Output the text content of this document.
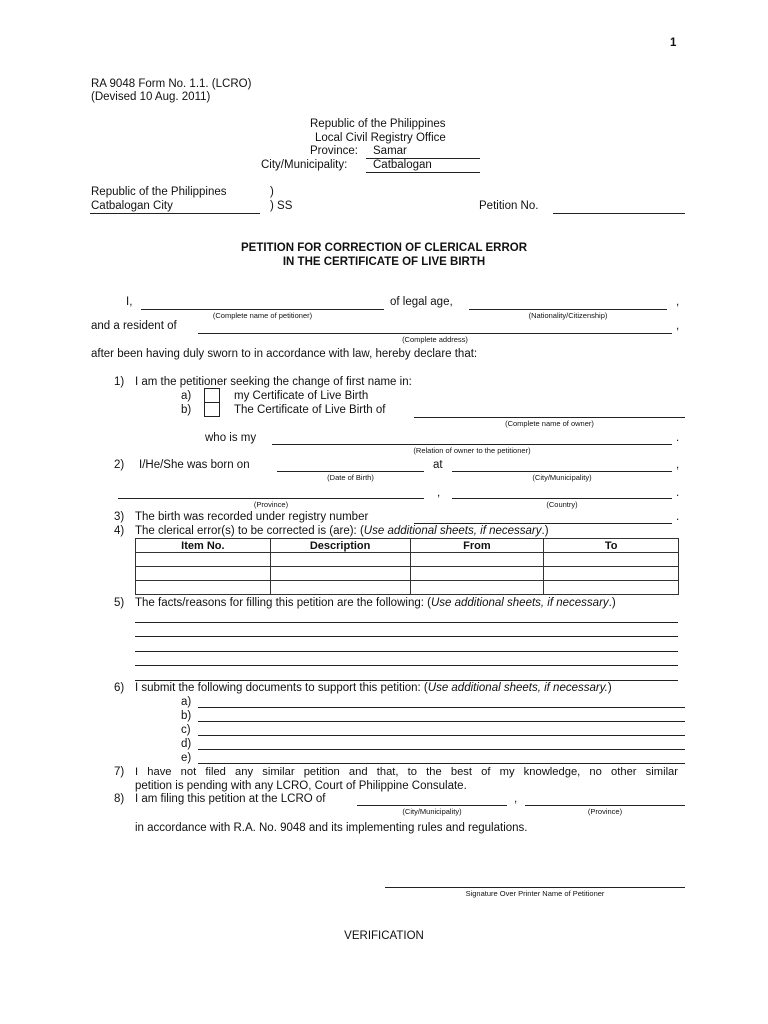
1
RA 9048 Form No. 1.1. (LCRO)
(Devised 10 Aug. 2011)
Republic of the Philippines
Local Civil Registry Office
Province: Samar
City/Municipality: Catbalogan
Republic of the Philippines	)
Catbalogan City	) SS	Petition No.
PETITION FOR CORRECTION OF CLERICAL ERROR
IN THE CERTIFICATE OF LIVE BIRTH
I,
(Complete name of petitioner)
of legal age,
(Nationality/Citizenship)
,
and a resident of	,
(Complete address)
after been having duly sworn to in accordance with law, hereby declare that:
1) I am the petitioner seeking the change of first name in:
a)	my Certificate of Live Birth
b)	The Certificate of Live Birth of
(Complete name of owner)
who is my	.
(Relation of owner to the petitioner)
2) I/He/She was born on
(Date of Birth)
at
(City/Municipality)
,
(Province)
,
(Country)
.
3) The birth was recorded under registry number	.
4) The clerical error(s) to be corrected is (are): (Use additional sheets, if necessary.)
Item No.	Description	From	To

5) The facts/reasons for filling this petition are the following: (Use additional sheets, if necessary.)
6) I submit the following documents to support this petition: (Use additional sheets, if necessary.)
a)
b)
c)
d)
e)
7) I have not filed any similar petition and that, to the best of my knowledge, no other similar
petition is pending with any LCRO, Court of Philippine Consulate.
8) I am filing this petition at the LCRO of
(City/Municipality)
,
(Province)
in accordance with R.A. No. 9048 and its implementing rules and regulations.
Signature Over Printer Name of Petitioner
VERIFICATION
